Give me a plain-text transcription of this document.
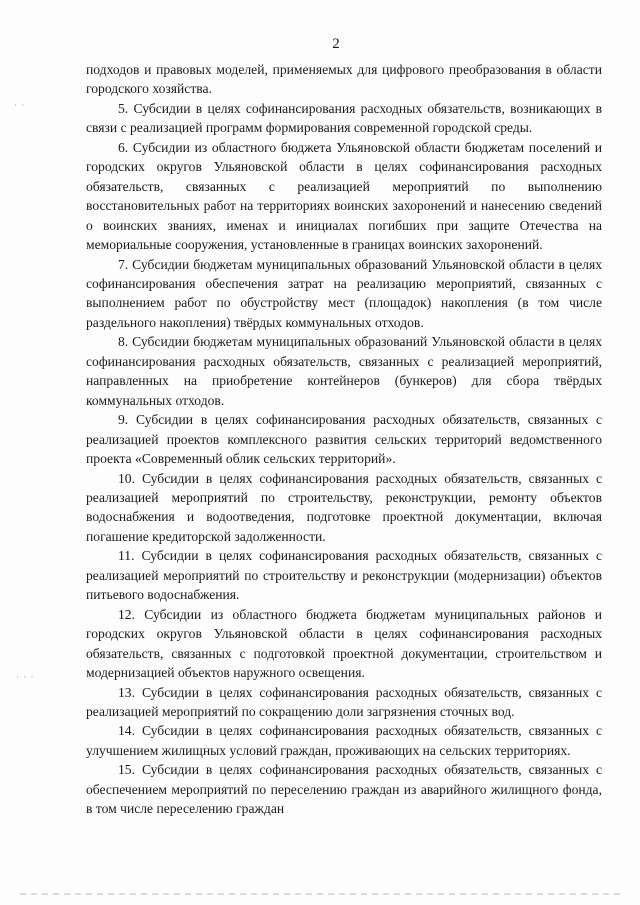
2
· ·
· · ·

подходов и правовых моделей, применяемых для цифрового преобразования в области городского хозяйства.

5. Субсидии в целях софинансирования расходных обязательств, возникающих в связи с реализацией программ формирования современной городской среды.

6. Субсидии из областного бюджета Ульяновской области бюджетам поселений и городских округов Ульяновской области в целях софинансирования расходных обязательств, связанных с реализацией мероприятий по выполнению восстановительных работ на территориях воинских захоронений и нанесению сведений о воинских званиях, именах и инициалах погибших при защите Отечества на мемориальные сооружения, установленные в границах воинских захоронений.

7. Субсидии бюджетам муниципальных образований Ульяновской области в целях софинансирования обеспечения затрат на реализацию мероприятий, связанных с выполнением работ по обустройству мест (площадок) накопления (в том числе раздельного накопления) твёрдых коммунальных отходов.

8. Субсидии бюджетам муниципальных образований Ульяновской области в целях софинансирования расходных обязательств, связанных с реализацией мероприятий, направленных на приобретение контейнеров (бункеров) для сбора твёрдых коммунальных отходов.

9. Субсидии в целях софинансирования расходных обязательств, связанных с реализацией проектов комплексного развития сельских территорий ведомственного проекта «Современный облик сельских территорий».

10. Субсидии в целях софинансирования расходных обязательств, связанных с реализацией мероприятий по строительству, реконструкции, ремонту объектов водоснабжения и водоотведения, подготовке проектной документации, включая погашение кредиторской задолженности.

11. Субсидии в целях софинансирования расходных обязательств, связанных с реализацией мероприятий по строительству и реконструкции (модернизации) объектов питьевого водоснабжения.

12. Субсидии из областного бюджета бюджетам муниципальных районов и городских округов Ульяновской области в целях софинансирования расходных обязательств, связанных с подготовкой проектной документации, строительством и модернизацией объектов наружного освещения.

13. Субсидии в целях софинансирования расходных обязательств, связанных с реализацией мероприятий по сокращению доли загрязнения сточных вод.

14. Субсидии в целях софинансирования расходных обязательств, связанных с улучшением жилищных условий граждан, проживающих на сельских территориях.

15. Субсидии в целях софинансирования расходных обязательств, связанных с обеспечением мероприятий по переселению граждан из аварийного жилищного фонда, в том числе переселению граждан
